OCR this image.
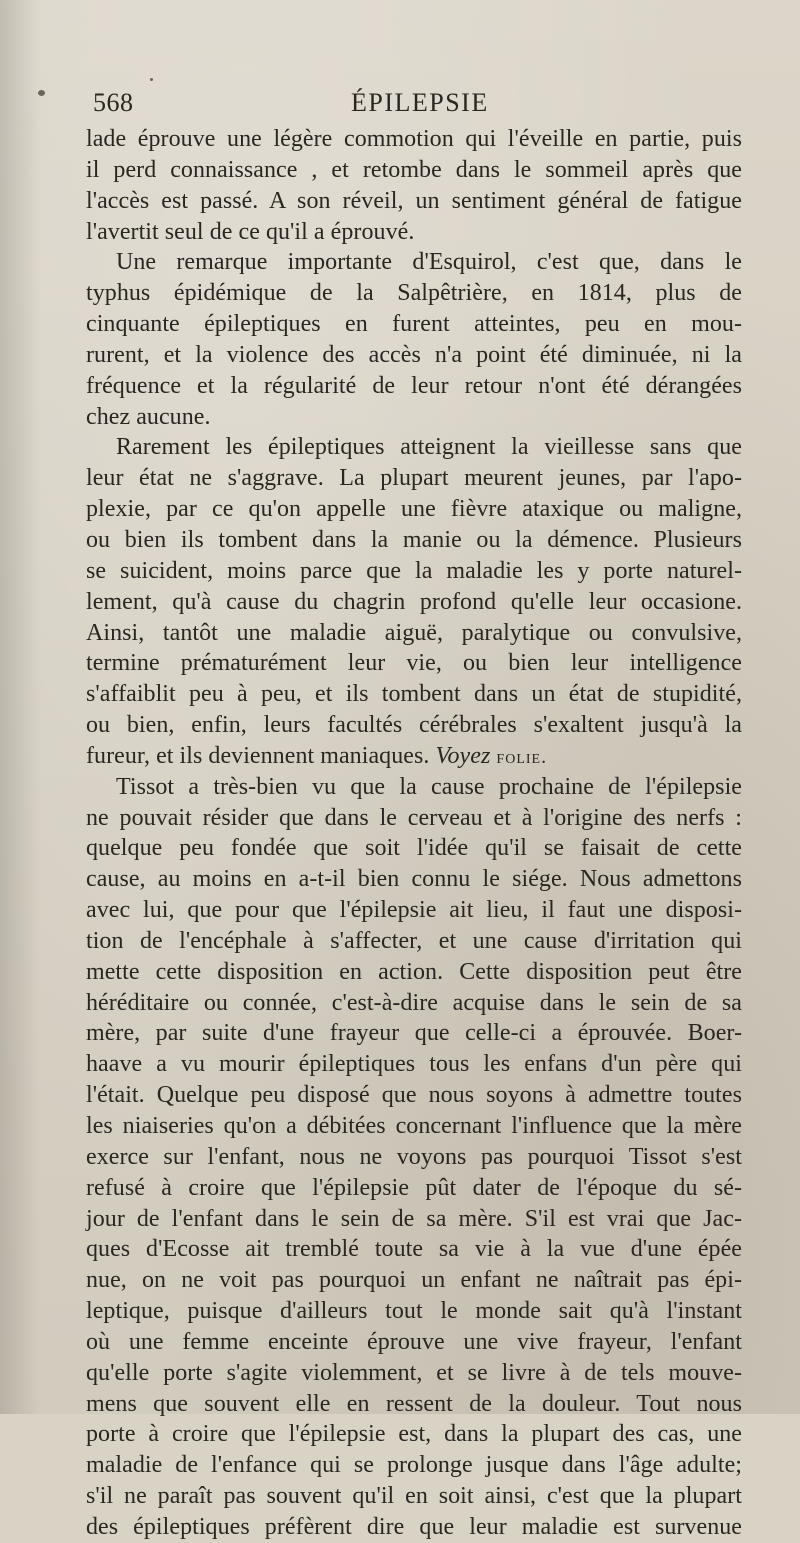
568	ÉPILEPSIE
lade éprouve une légère commotion qui l'éveille en partie, puis
il perd connaissance , et retombe dans le sommeil après que
l'accès est passé. A son réveil, un sentiment général de fatigue
l'avertit seul de ce qu'il a éprouvé.
Une remarque importante d'Esquirol, c'est que, dans le
typhus épidémique de la Salpêtrière, en 1814, plus de
cinquante épileptiques en furent atteintes, peu en mou-
rurent, et la violence des accès n'a point été diminuée, ni la
fréquence et la régularité de leur retour n'ont été dérangées
chez aucune.
Rarement les épileptiques atteignent la vieillesse sans que
leur état ne s'aggrave. La plupart meurent jeunes, par l'apo-
plexie, par ce qu'on appelle une fièvre ataxique ou maligne,
ou bien ils tombent dans la manie ou la démence. Plusieurs
se suicident, moins parce que la maladie les y porte naturel-
lement, qu'à cause du chagrin profond qu'elle leur occasione.
Ainsi, tantôt une maladie aiguë, paralytique ou convulsive,
termine prématurément leur vie, ou bien leur intelligence
s'affaiblit peu à peu, et ils tombent dans un état de stupidité,
ou bien, enfin, leurs facultés cérébrales s'exaltent jusqu'à la
fureur, et ils deviennent maniaques. Voyez folie.
Tissot a très-bien vu que la cause prochaine de l'épilepsie
ne pouvait résider que dans le cerveau et à l'origine des nerfs :
quelque peu fondée que soit l'idée qu'il se faisait de cette
cause, au moins en a-t-il bien connu le siége. Nous admettons
avec lui, que pour que l'épilepsie ait lieu, il faut une disposi-
tion de l'encéphale à s'affecter, et une cause d'irritation qui
mette cette disposition en action. Cette disposition peut être
héréditaire ou connée, c'est-à-dire acquise dans le sein de sa
mère, par suite d'une frayeur que celle-ci a éprouvée. Boer-
haave a vu mourir épileptiques tous les enfans d'un père qui
l'était. Quelque peu disposé que nous soyons à admettre toutes
les niaiseries qu'on a débitées concernant l'influence que la mère
exerce sur l'enfant, nous ne voyons pas pourquoi Tissot s'est
refusé à croire que l'épilepsie pût dater de l'époque du sé-
jour de l'enfant dans le sein de sa mère. S'il est vrai que Jac-
ques d'Ecosse ait tremblé toute sa vie à la vue d'une épée
nue, on ne voit pas pourquoi un enfant ne naîtrait pas épi-
leptique, puisque d'ailleurs tout le monde sait qu'à l'instant
où une femme enceinte éprouve une vive frayeur, l'enfant
qu'elle porte s'agite violemment, et se livre à de tels mouve-
mens que souvent elle en ressent de la douleur. Tout nous
porte à croire que l'épilepsie est, dans la plupart des cas, une
maladie de l'enfance qui se prolonge jusque dans l'âge adulte;
s'il ne paraît pas souvent qu'il en soit ainsi, c'est que la plupart
des épileptiques préfèrent dire que leur maladie est survenue
